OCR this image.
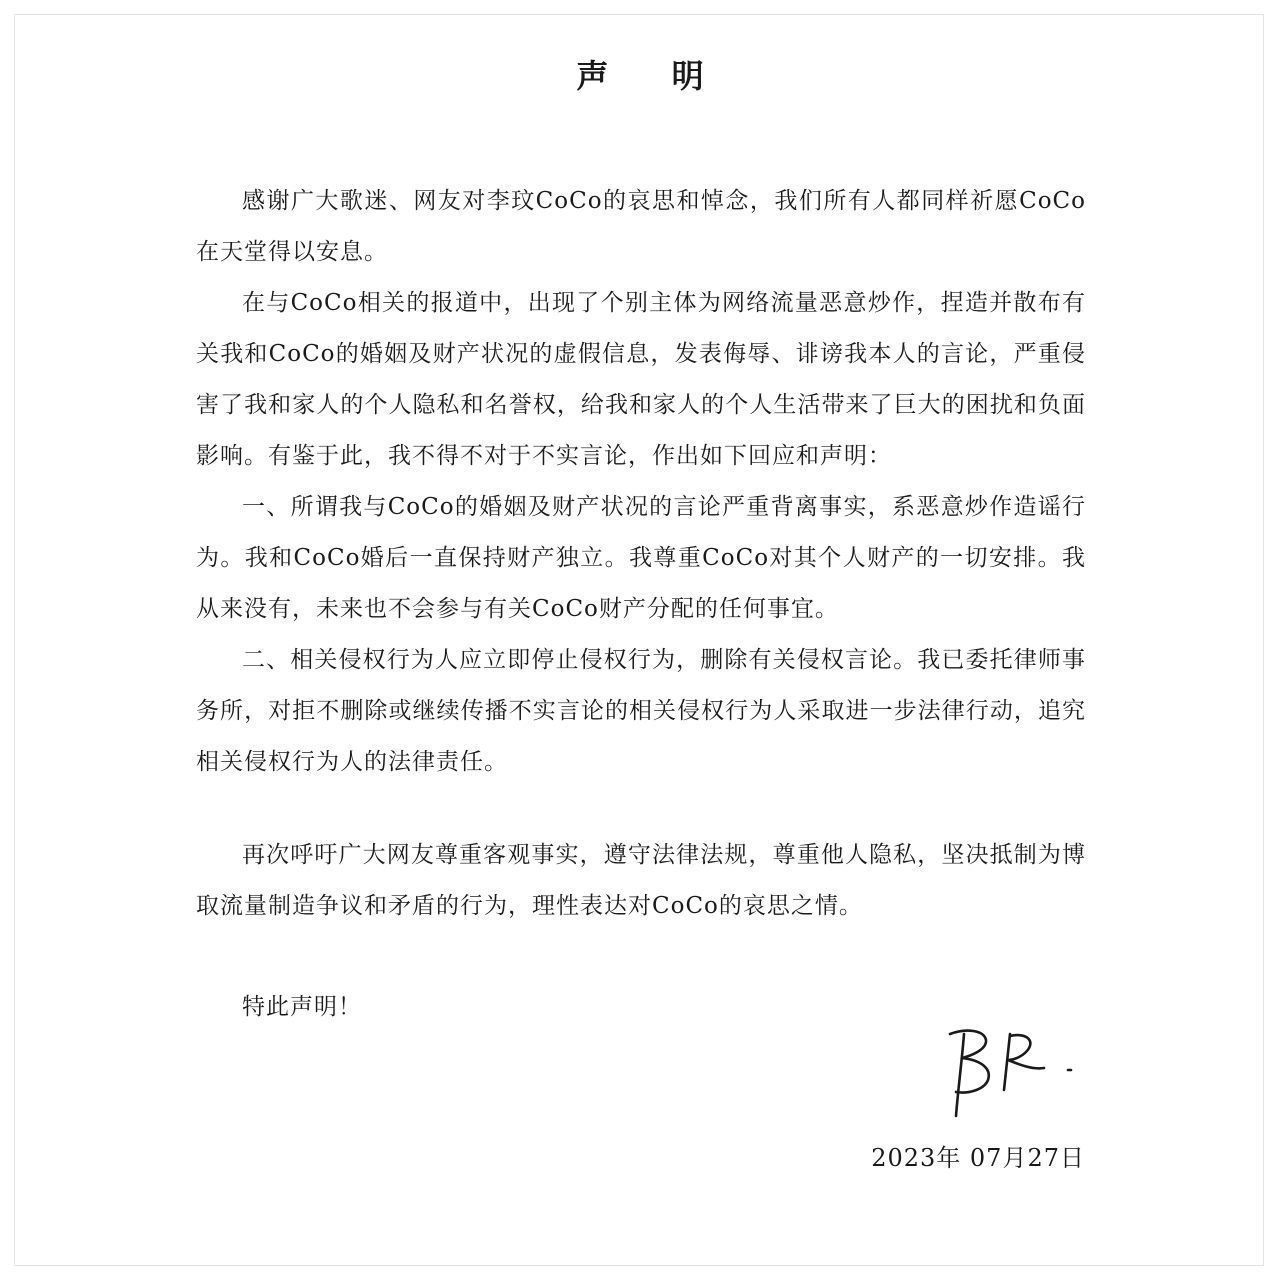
声 明

感谢广大歌迷、网友对李玟CoCo的哀思和悼念，我们所有人都同样祈愿CoCo在天堂得以安息。

在与CoCo相关的报道中，出现了个别主体为网络流量恶意炒作，捏造并散布有关我和CoCo的婚姻及财产状况的虚假信息，发表侮辱、诽谤我本人的言论，严重侵害了我和家人的个人隐私和名誉权，给我和家人的个人生活带来了巨大的困扰和负面影响。有鉴于此，我不得不对于不实言论，作出如下回应和声明：

一、所谓我与CoCo的婚姻及财产状况的言论严重背离事实，系恶意炒作造谣行为。我和CoCo婚后一直保持财产独立。我尊重CoCo对其个人财产的一切安排。我从来没有，未来也不会参与有关CoCo财产分配的任何事宜。

二、相关侵权行为人应立即停止侵权行为，删除有关侵权言论。我已委托律师事务所，对拒不删除或继续传播不实言论的相关侵权行为人采取进一步法律行动，追究相关侵权行为人的法律责任。

再次呼吁广大网友尊重客观事实，遵守法律法规，尊重他人隐私，坚决抵制为博取流量制造争议和矛盾的行为，理性表达对CoCo的哀思之情。

特此声明！

2023年 07月27日
